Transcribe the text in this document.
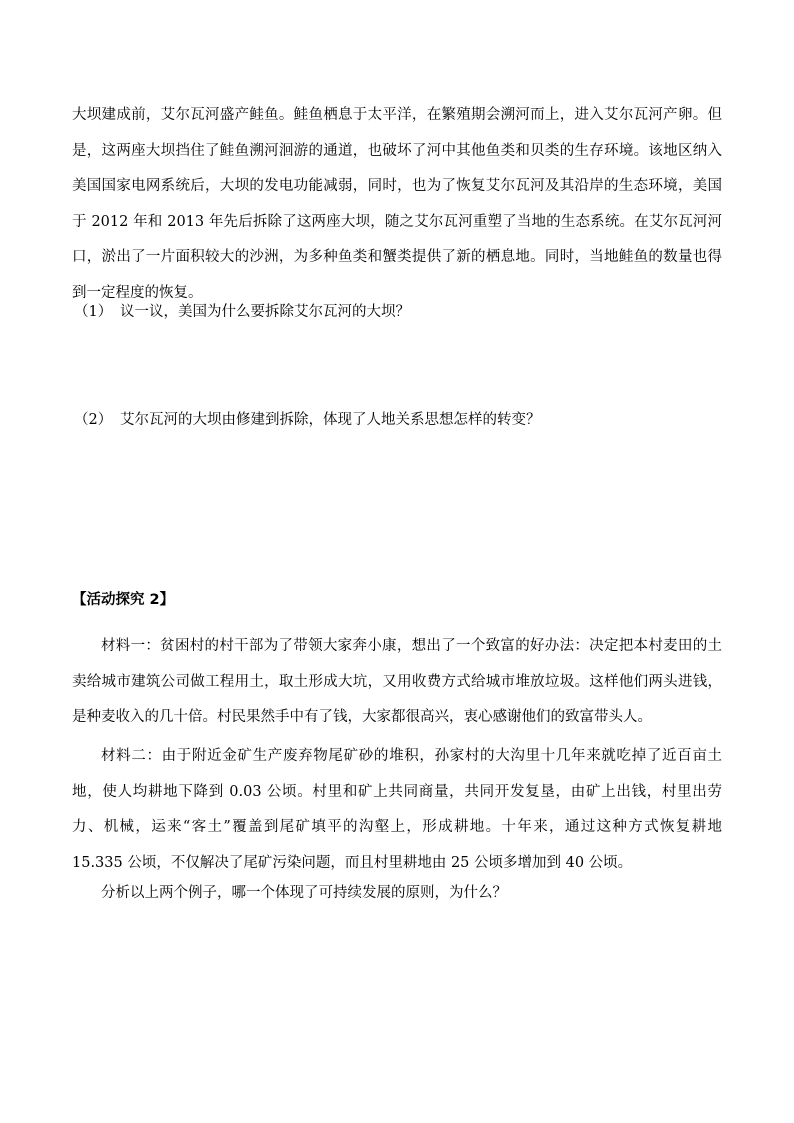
大坝建成前，艾尔瓦河盛产鲑鱼。鲑鱼栖息于太平洋，在繁殖期会溯河而上，进入艾尔瓦河产卵。但是，这两座大坝挡住了鲑鱼溯河洄游的通道，也破坏了河中其他鱼类和贝类的生存环境。该地区纳入美国国家电网系统后，大坝的发电功能减弱，同时，也为了恢复艾尔瓦河及其沿岸的生态环境，美国于 2012 年和 2013 年先后拆除了这两座大坝，随之艾尔瓦河重塑了当地的生态系统。在艾尔瓦河河口，淤出了一片面积较大的沙洲，为多种鱼类和蟹类提供了新的栖息地。同时，当地鲑鱼的数量也得到一定程度的恢复。

（1） 议一议，美国为什么要拆除艾尔瓦河的大坝？

（2） 艾尔瓦河的大坝由修建到拆除，体现了人地关系思想怎样的转变？

【活动探究 2】

材料一：贫困村的村干部为了带领大家奔小康，想出了一个致富的好办法：决定把本村麦田的土卖给城市建筑公司做工程用土，取土形成大坑，又用收费方式给城市堆放垃圾。这样他们两头进钱，是种麦收入的几十倍。村民果然手中有了钱，大家都很高兴，衷心感谢他们的致富带头人。

材料二：由于附近金矿生产废弃物尾矿砂的堆积，孙家村的大沟里十几年来就吃掉了近百亩土地，使人均耕地下降到 0.03 公顷。村里和矿上共同商量，共同开发复垦，由矿上出钱，村里出劳力、机械，运来“客土”覆盖到尾矿填平的沟壑上，形成耕地。十年来，通过这种方式恢复耕地 15.335 公顷，不仅解决了尾矿污染问题，而且村里耕地由 25 公顷多增加到 40 公顷。

分析以上两个例子，哪一个体现了可持续发展的原则，为什么？
